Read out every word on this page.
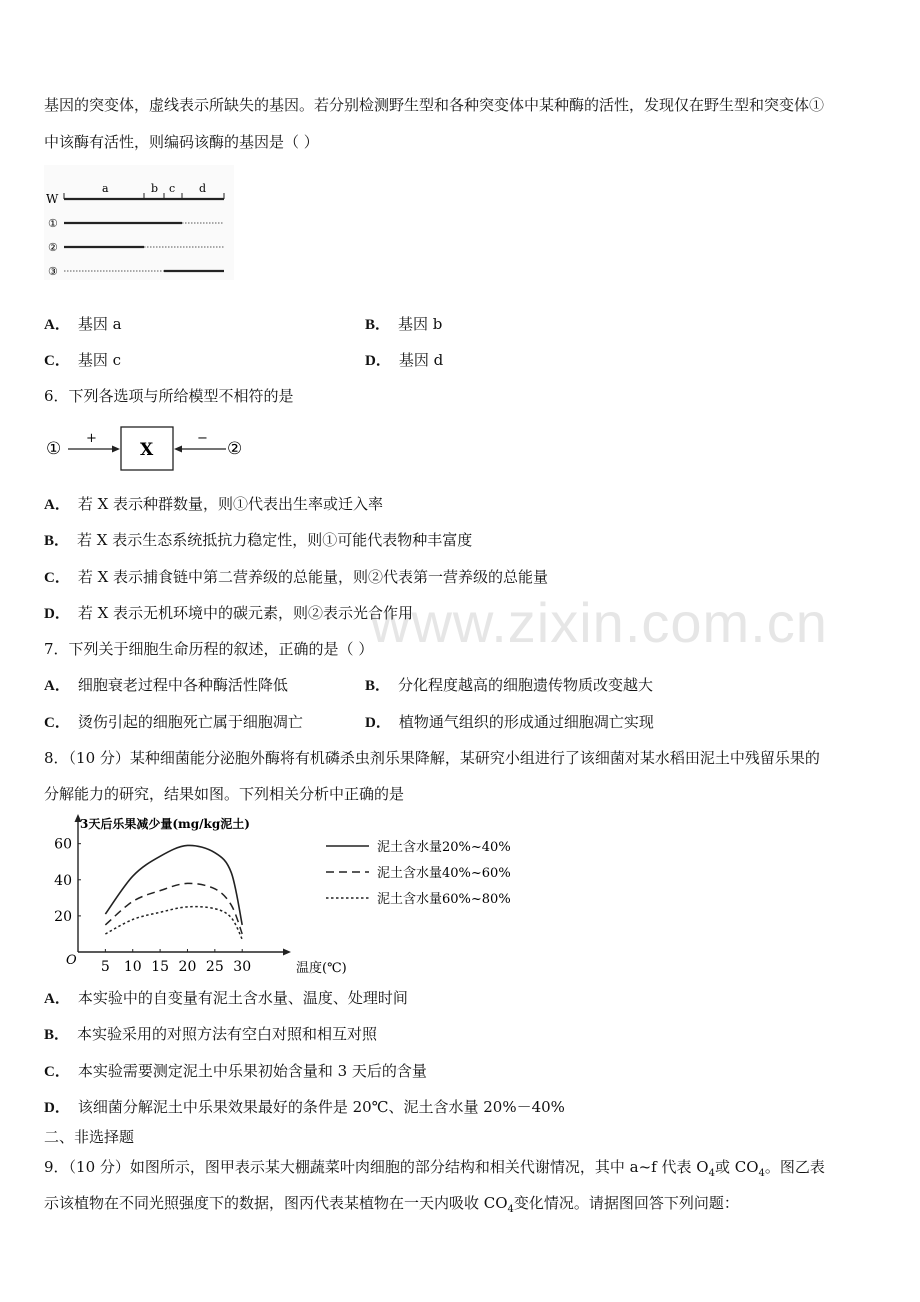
www.zixin.com.cn
基因的突变体，虚线表示所缺失的基因。若分别检测野生型和各种突变体中某种酶的活性，发现仅在野生型和突变体①
中该酶有活性，则编码该酶的基因是（ ）
W
①
②
③
a	b c d
A． 基因 a	B． 基因 b
C． 基因 c	D． 基因 d
6．下列各选项与所给模型不相符的是
①
+
X
−
②
A． 若 X 表示种群数量，则①代表出生率或迁入率
B． 若 X 表示生态系统抵抗力稳定性，则①可能代表物种丰富度
C． 若 X 表示捕食链中第二营养级的总能量，则②代表第一营养级的总能量
D． 若 X 表示无机环境中的碳元素，则②表示光合作用
7．下列关于细胞生命历程的叙述，正确的是（ ）
A． 细胞衰老过程中各种酶活性降低	B． 分化程度越高的细胞遗传物质改变越大
C． 烫伤引起的细胞死亡属于细胞凋亡	D． 植物通气组织的形成通过细胞凋亡实现
8．（10 分）某种细菌能分泌胞外酶将有机磷杀虫剂乐果降解，某研究小组进行了该细菌对某水稻田泥土中残留乐果的
分解能力的研究，结果如图。下列相关分析中正确的是
3天后乐果减少量(mg/kg泥土)
温度(℃)
O 5 10 15 20 25 30
20
40
60	泥土含水量20%~40%
泥土含水量40%~60%
泥土含水量60%~80%
A． 本实验中的自变量有泥土含水量、温度、处理时间
B． 本实验采用的对照方法有空白对照和相互对照
C． 本实验需要测定泥土中乐果初始含量和 3 天后的含量
D． 该细菌分解泥土中乐果效果最好的条件是 20℃、泥土含水量 20%－40%
二、非选择题
9．（10 分）如图所示，图甲表示某大棚蔬菜叶肉细胞的部分结构和相关代谢情况，其中 a~f 代表 $O_4$或 $CO_4$。图乙表
示该植物在不同光照强度下的数据，图丙代表某植物在一天内吸收 $CO_4$变化情况。请据图回答下列问题：
